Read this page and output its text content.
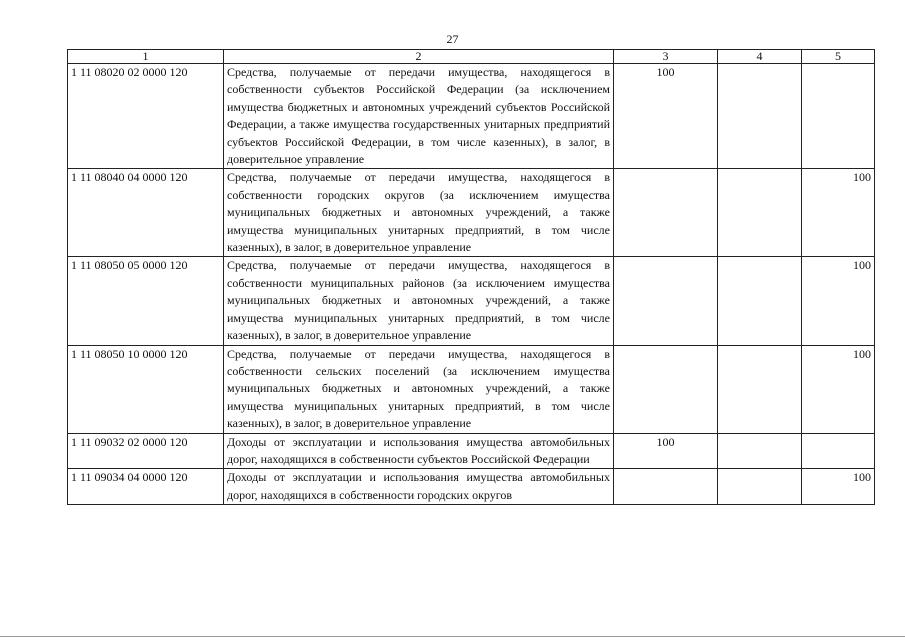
27
1	2	3	4	5
1 11 08020 02 0000 120	Средства, получаемые от передачи имущества, находящегося в собственности субъектов Российской Федерации (за исключением имущества бюджетных и автономных учреждений субъектов Российской Федерации, а также имущества государственных унитарных предприятий субъектов Российской Федерации, в том числе казенных), в залог, в доверительное управление	100		

1 11 08040 04 0000 120	Средства, получаемые от передачи имущества, находящегося в собственности городских округов (за исключением имущества муниципальных бюджетных и автономных учреждений, а также имущества муниципальных унитарных предприятий, в том числе казенных), в залог, в доверительное управление			100

1 11 08050 05 0000 120	Средства, получаемые от передачи имущества, находящегося в собственности муниципальных районов (за исключением имущества муниципальных бюджетных и автономных учреждений, а также имущества муниципальных унитарных предприятий, в том числе казенных), в залог, в доверительное управление			100

1 11 08050 10 0000 120	Средства, получаемые от передачи имущества, находящегося в собственности сельских поселений (за исключением имущества муниципальных бюджетных и автономных учреждений, а также имущества муниципальных унитарных предприятий, в том числе казенных), в залог, в доверительное управление			100

1 11 09032 02 0000 120	Доходы от эксплуатации и использования имущества автомобильных дорог, находящихся в собственности субъектов Российской Федерации	100		

1 11 09034 04 0000 120	Доходы от эксплуатации и использования имущества автомобильных дорог, находящихся в собственности городских округов			100
